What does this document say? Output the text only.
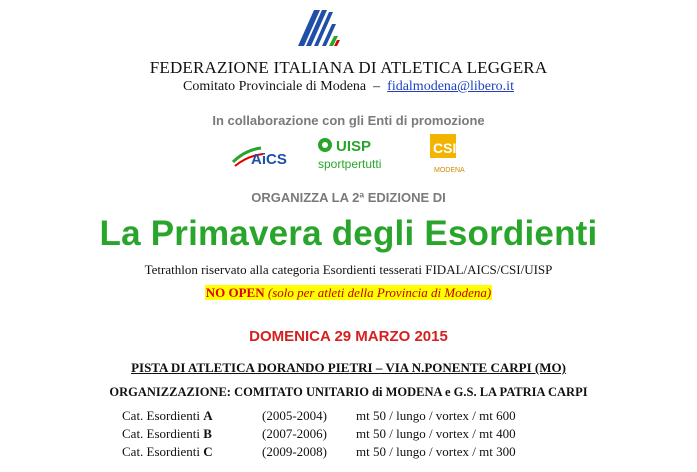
FEDERAZIONE ITALIANA DI ATLETICA LEGGERA
Comitato Provinciale di Modena – fidalmodena@libero.it
In collaborazione con gli Enti di promozione
AiCS
UISP
sportpertutti
CSI
MODENA
ORGANIZZA LA 2ª EDIZIONE DI
La Primavera degli Esordienti
Tetrathlon riservato alla categoria Esordienti tesserati FIDAL/AICS/CSI/UISP
NO OPEN (solo per atleti della Provincia di Modena)
DOMENICA 29 MARZO 2015
PISTA DI ATLETICA DORANDO PIETRI – VIA N.PONENTE CARPI (MO)
ORGANIZZAZIONE: COMITATO UNITARIO di MODENA e G.S. LA PATRIA CARPI
Cat. Esordienti A	(2005-2004) mt 50 / lungo / vortex / mt 600
Cat. Esordienti B	(2007-2006) mt 50 / lungo / vortex / mt 400
Cat. Esordienti C	(2009-2008) mt 50 / lungo / vortex / mt 300
